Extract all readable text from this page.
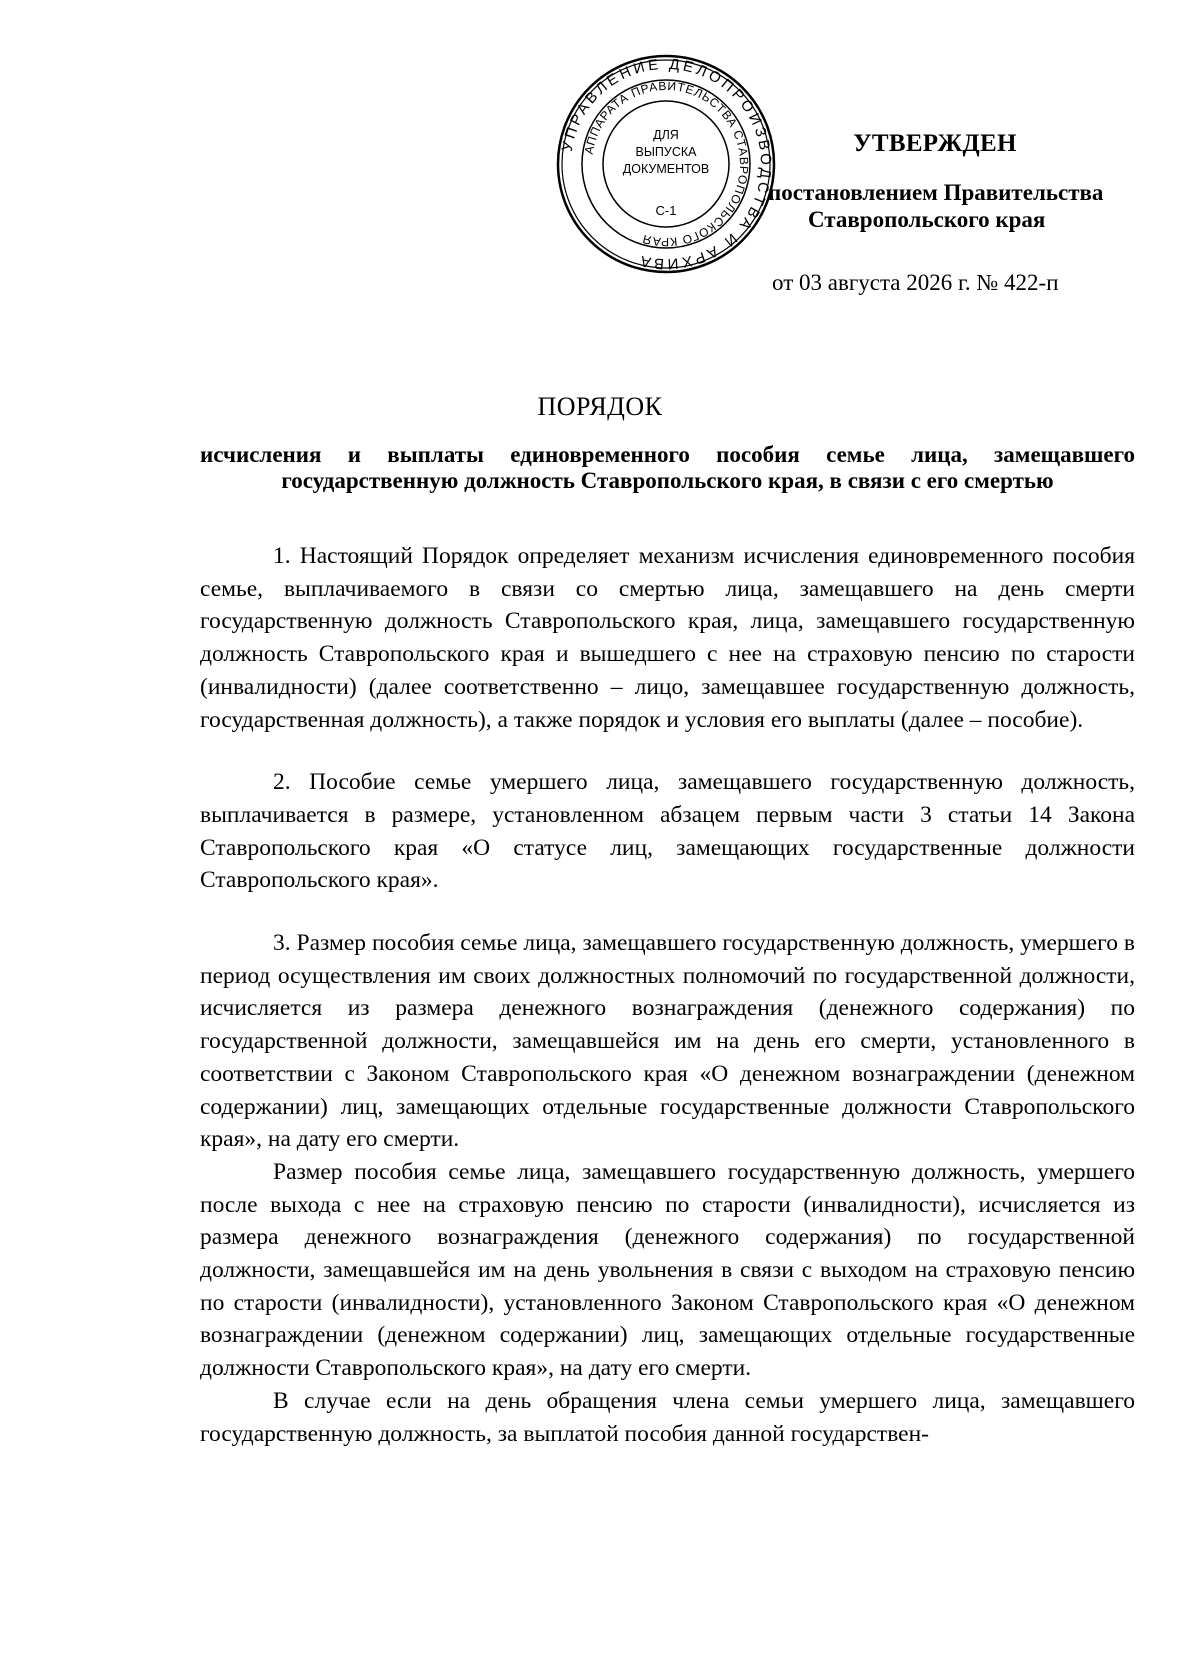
УПРАВЛЕНИЕ ДЕЛОПРОИЗВОДСТВА И АРХИВА
АППАРАТА ПРАВИТЕЛЬСТВА СТАВРОПОЛЬСКОГО КРАЯ
ДЛЯ
ВЫПУСКА
ДОКУМЕНТОВ
С-1
УТВЕРЖДЕН
постановлением Правительства
Ставропольского края
от 03 августа 2026 г. № 422-п
ПОРЯДОК
исчисления и выплаты единовременного пособия семье лица, замещавшего государственную должность Ставропольского края, в связи с его смертью

1. Настоящий Порядок определяет механизм исчисления единовременного пособия семье, выплачиваемого в связи со смертью лица, замещавшего на день смерти государственную должность Ставропольского края, лица, замещавшего государственную должность Ставропольского края и вышедшего с нее на страховую пенсию по старости (инвалидности) (далее соответственно – лицо, замещавшее государственную должность, государственная должность), а также порядок и условия его выплаты (далее – пособие).

2. Пособие семье умершего лица, замещавшего государственную должность, выплачивается в размере, установленном абзацем первым части 3 статьи 14 Закона Ставропольского края «О статусе лиц, замещающих государственные должности Ставропольского края».

3. Размер пособия семье лица, замещавшего государственную должность, умершего в период осуществления им своих должностных полномочий по государственной должности, исчисляется из размера денежного вознаграждения (денежного содержания) по государственной должности, замещавшейся им на день его смерти, установленного в соответствии с Законом Ставропольского края «О денежном вознаграждении (денежном содержании) лиц, замещающих отдельные государственные должности Ставропольского края», на дату его смерти.

Размер пособия семье лица, замещавшего государственную должность, умершего после выхода с нее на страховую пенсию по старости (инвалидности), исчисляется из размера денежного вознаграждения (денежного содержания) по государственной должности, замещавшейся им на день увольнения в связи с выходом на страховую пенсию по старости (инвалидности), установленного Законом Ставропольского края «О денежном вознаграждении (денежном содержании) лиц, замещающих отдельные государственные должности Ставропольского края», на дату его смерти.

В случае если на день обращения члена семьи умершего лица, замещавшего государственную должность, за выплатой пособия данной государствен-
